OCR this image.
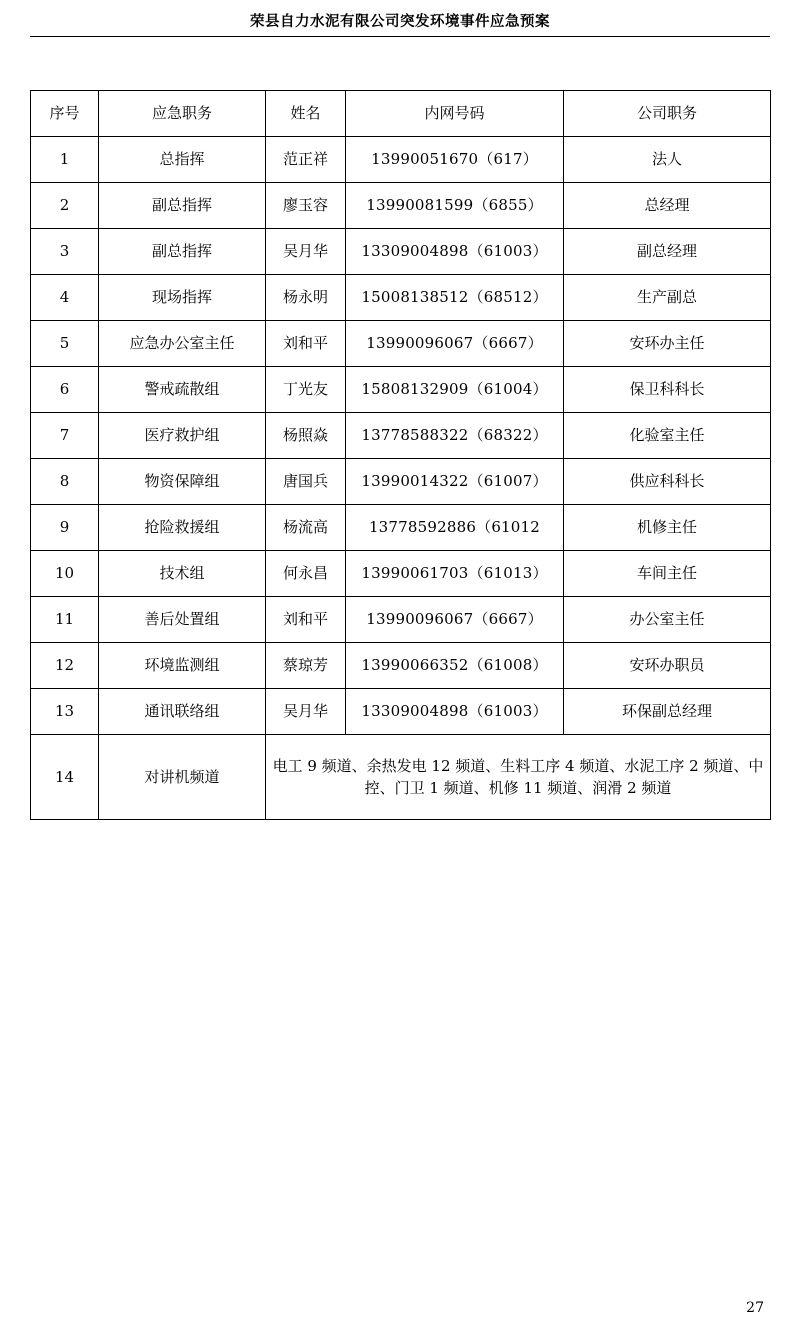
荣县自力水泥有限公司突发环境事件应急预案
序号	应急职务	姓名	内网号码	公司职务
1	总指挥	范正祥	13990051670（617）	法人
2	副总指挥	廖玉容	13990081599（6855）	总经理
3	副总指挥	吴月华	13309004898（61003）	副总经理
4	现场指挥	杨永明	15008138512（68512）	生产副总
5	应急办公室主任	刘和平	13990096067（6667）	安环办主任
6	警戒疏散组	丁光友	15808132909（61004）	保卫科科长
7	医疗救护组	杨照焱	13778588322（68322）	化验室主任
8	物资保障组	唐国兵	13990014322（61007）	供应科科长
9	抢险救援组	杨流高	13778592886（61012	机修主任
10	技术组	何永昌	13990061703（61013）	车间主任
11	善后处置组	刘和平	13990096067（6667）	办公室主任
12	环境监测组	蔡琼芳	13990066352（61008）	安环办职员
13	通讯联络组	吴月华	13309004898（61003）	环保副总经理
14	对讲机频道	电工 9 频道、余热发电 12 频道、生料工序 4 频道、水泥工序 2 频道、中控、门卫 1 频道、机修 11 频道、润滑 2 频道		
27
